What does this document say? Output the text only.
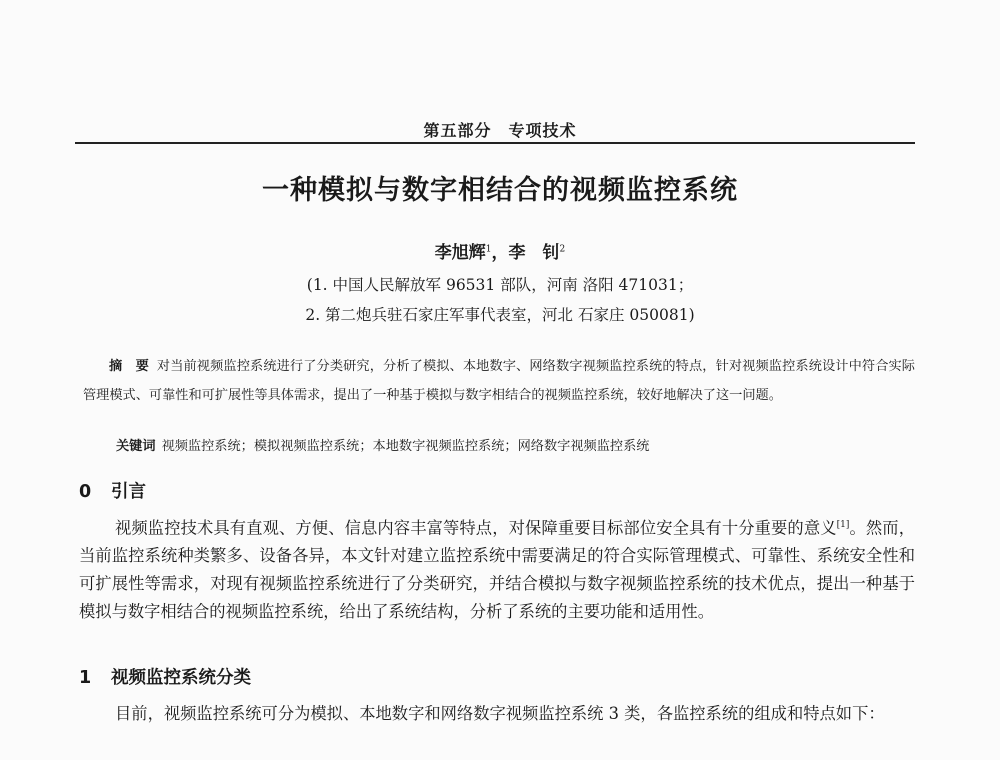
第五部分　专项技术
一种模拟与数字相结合的视频监控系统
李旭辉$^1$，李　钊$^2$
(1. 中国人民解放军 96531 部队，河南 洛阳 471031；
2. 第二炮兵驻石家庄军事代表室，河北 石家庄 050081)
摘　要 对当前视频监控系统进行了分类研究，分析了模拟、本地数字、网络数字视频监控系统的特点，针对视频监控系统设计中符合实际管理模式、可靠性和可扩展性等具体需求，提出了一种基于模拟与数字相结合的视频监控系统，较好地解决了这一问题。
关键词 视频监控系统；模拟视频监控系统；本地数字视频监控系统；网络数字视频监控系统
0 引言
视频监控技术具有直观、方便、信息内容丰富等特点，对保障重要目标部位安全具有十分重要的意义[1]。然而，当前监控系统种类繁多、设备各异，本文针对建立监控系统中需要满足的符合实际管理模式、可靠性、系统安全性和可扩展性等需求，对现有视频监控系统进行了分类研究，并结合模拟与数字视频监控系统的技术优点，提出一种基于模拟与数字相结合的视频监控系统，给出了系统结构，分析了系统的主要功能和适用性。
1 视频监控系统分类
目前，视频监控系统可分为模拟、本地数字和网络数字视频监控系统 3 类，各监控系统的组成和特点如下：
